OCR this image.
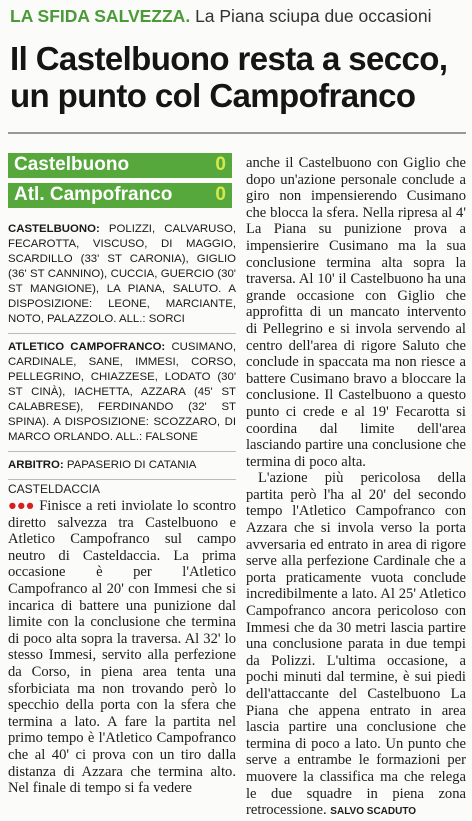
LA SFIDA SALVEZZA. La Piana sciupa due occasioni
Il Castelbuono resta a secco, un punto col Campofranco
Castelbuono	0
Atl. Campofranco 0

CASTELBUONO: POLIZZI, CALVARUSO, FECAROTTA, VISCUSO, DI MAGGIO, SCARDILLO (33' ST CARONIA), GIGLIO (36' ST CANNINO), CUCCIA, GUERCIO (30' ST MANGIONE), LA PIANA, SALUTO. A DISPOSIZIONE: LEONE, MARCIANTE, NOTO, PALAZZOLO. ALL.: SORCI

ATLETICO CAMPOFRANCO: CUSIMANO, CARDINALE, SANE, IMMESI, CORSO, PELLEGRINO, CHIAZZESE, LODATO (30' ST CINÀ), IACHETTA, AZZARA (45' ST CALABRESE), FERDINANDO (32' ST SPINA). A DISPOSIZIONE: SCOZZARO, DI MARCO ORLANDO. ALL.: FALSONE

ARBITRO: PAPASERIO DI CATANIA

CASTELDACCIA
●●● Finisce a reti inviolate lo scontro diretto salvezza tra Castelbuono e Atletico Campofranco sul campo neutro di Casteldaccia. La prima occasione è per l'Atletico Campofranco al 20' con Immesi che si incarica di battere una punizione dal limite con la conclusione che termina di poco alta sopra la traversa. Al 32' lo stesso Immesi, servito alla perfezione da Corso, in piena area tenta una sforbiciata ma non trovando però lo specchio della porta con la sfera che termina a lato. A fare la partita nel primo tempo è l'Atletico Campofranco che al 40' ci prova con un tiro dalla distanza di Azzara che termina alto. Nel finale di tempo si fa vedere

anche il Castelbuono con Giglio che dopo un'azione personale conclude a giro non impensierendo Cusimano che blocca la sfera. Nella ripresa al 4' La Piana su punizione prova a impensierire Cusimano ma la sua conclusione termina alta sopra la traversa. Al 10' il Castelbuono ha una grande occasione con Giglio che approfitta di un mancato intervento di Pellegrino e si invola servendo al centro dell'area di rigore Saluto che conclude in spaccata ma non riesce a battere Cusimano bravo a bloccare la conclusione. Il Castelbuono a questo punto ci crede e al 19' Fecarotta si coordina dal limite dell'area lasciando partire una conclusione che termina di poco alta.

L'azione più pericolosa della partita però l'ha al 20' del secondo tempo l'Atletico Campofranco con Azzara che si invola verso la porta avversaria ed entrato in area di rigore serve alla perfezione Cardinale che a porta praticamente vuota conclude incredibilmente a lato. Al 25' Atletico Campofranco ancora pericoloso con Immesi che da 30 metri lascia partire una conclusione parata in due tempi da Polizzi. L'ultima occasione, a pochi minuti dal termine, è sui piedi dell'attaccante del Castelbuono La Piana che appena entrato in area lascia partire una conclusione che termina di poco a lato. Un punto che serve a entrambe le formazioni per muovere la classifica ma che relega le due squadre in piena zona retrocessione. SALVO SCADUTO
